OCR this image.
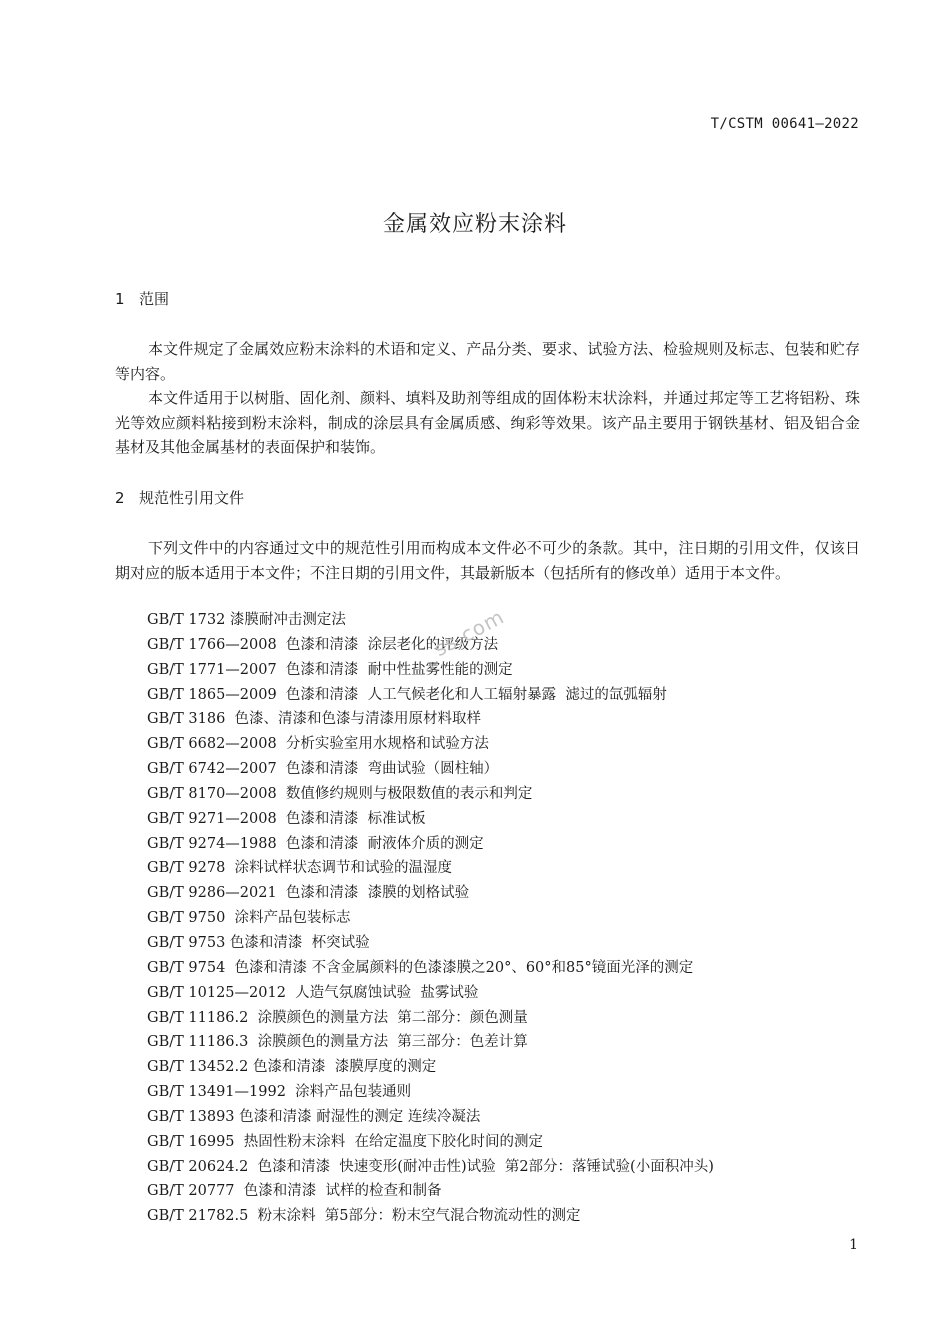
T/CSTM 00641—2022
金属效应粉末涂料
1 范围

本文件规定了金属效应粉末涂料的术语和定义、产品分类、要求、试验方法、检验规则及标志、包装和贮存等内容。

本文件适用于以树脂、固化剂、颜料、填料及助剂等组成的固体粉末状涂料，并通过邦定等工艺将铝粉、珠光等效应颜料粘接到粉末涂料，制成的涂层具有金属质感、绚彩等效果。该产品主要用于钢铁基材、铝及铝合金基材及其他金属基材的表面保护和装饰。

2 规范性引用文件

下列文件中的内容通过文中的规范性引用而构成本文件必不可少的条款。其中，注日期的引用文件，仅该日期对应的版本适用于本文件；不注日期的引用文件，其最新版本（包括所有的修改单）适用于本文件。

GB/T 1732 漆膜耐冲击测定法
GB/T 1766—2008  色漆和清漆  涂层老化的评级方法
GB/T 1771—2007  色漆和清漆  耐中性盐雾性能的测定
GB/T 1865—2009  色漆和清漆  人工气候老化和人工辐射暴露  滤过的氙弧辐射
GB/T 3186  色漆、清漆和色漆与清漆用原材料取样
GB/T 6682—2008  分析实验室用水规格和试验方法
GB/T 6742—2007  色漆和清漆  弯曲试验（圆柱轴）
GB/T 8170—2008  数值修约规则与极限数值的表示和判定
GB/T 9271—2008  色漆和清漆  标准试板
GB/T 9274—1988  色漆和清漆  耐液体介质的测定
GB/T 9278  涂料试样状态调节和试验的温湿度
GB/T 9286—2021  色漆和清漆  漆膜的划格试验
GB/T 9750  涂料产品包装标志
GB/T 9753 色漆和清漆  杯突试验
GB/T 9754  色漆和清漆 不含金属颜料的色漆漆膜之20°、60°和85°镜面光泽的测定
GB/T 10125—2012  人造气氛腐蚀试验  盐雾试验
GB/T 11186.2  涂膜颜色的测量方法  第二部分：颜色测量
GB/T 11186.3  涂膜颜色的测量方法  第三部分：色差计算
GB/T 13452.2 色漆和清漆  漆膜厚度的测定
GB/T 13491—1992  涂料产品包装通则
GB/T 13893 色漆和清漆 耐湿性的测定 连续冷凝法
GB/T 16995  热固性粉末涂料  在给定温度下胶化时间的测定
GB/T 20624.2  色漆和清漆  快速变形(耐冲击性)试验  第2部分：落锤试验(小面积冲头)
GB/T 20777  色漆和清漆  试样的检查和制备
GB/T 21782.5  粉末涂料  第5部分：粉末空气混合物流动性的测定
ss.com
1
